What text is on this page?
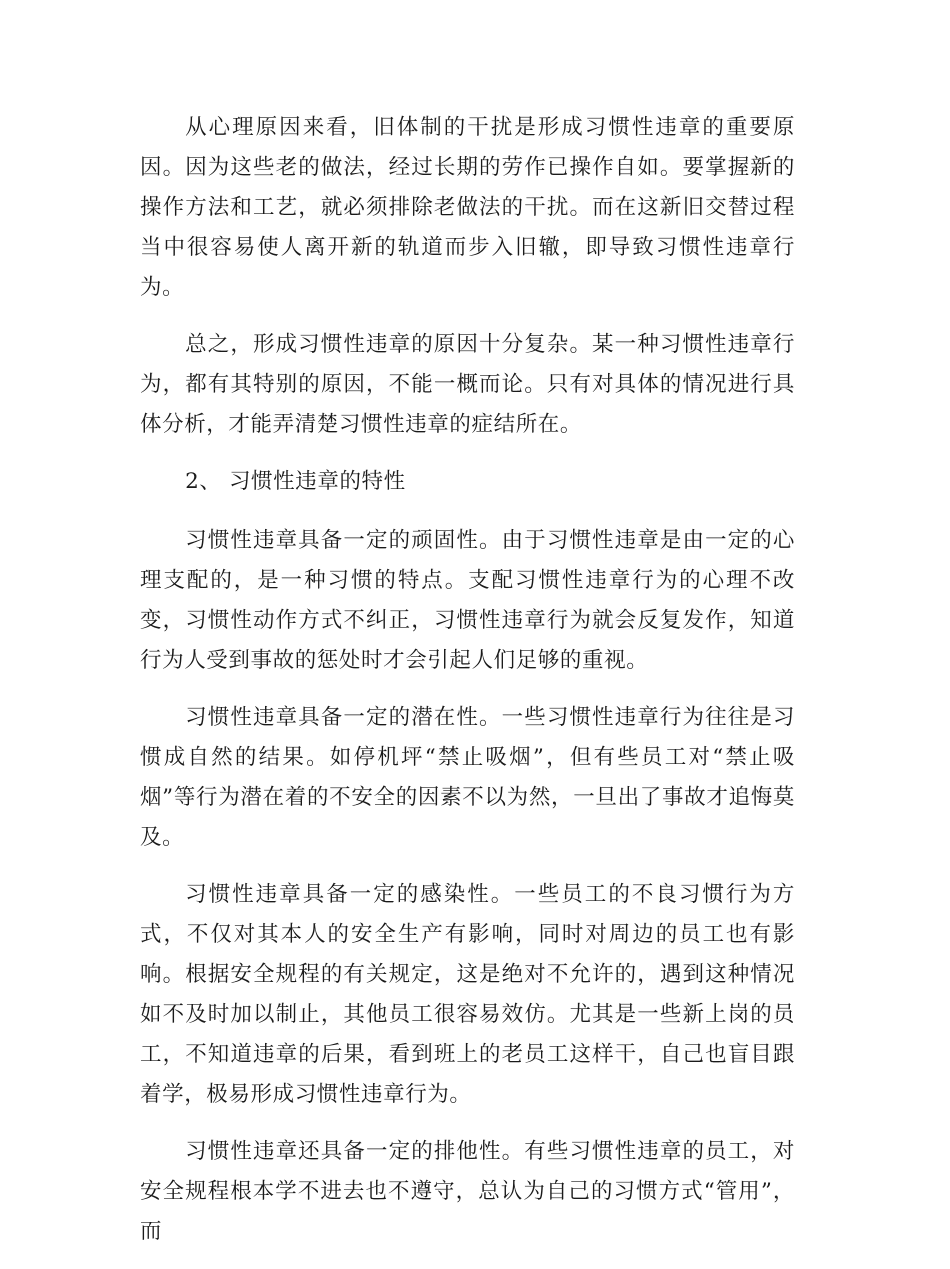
从心理原因来看，旧体制的干扰是形成习惯性违章的重要原因。因为这些老的做法，经过长期的劳作已操作自如。要掌握新的操作方法和工艺，就必须排除老做法的干扰。而在这新旧交替过程当中很容易使人离开新的轨道而步入旧辙，即导致习惯性违章行为。

总之，形成习惯性违章的原因十分复杂。某一种习惯性违章行为，都有其特别的原因，不能一概而论。只有对具体的情况进行具体分析，才能弄清楚习惯性违章的症结所在。

2、 习惯性违章的特性

习惯性违章具备一定的顽固性。由于习惯性违章是由一定的心理支配的，是一种习惯的特点。支配习惯性违章行为的心理不改变，习惯性动作方式不纠正，习惯性违章行为就会反复发作，知道行为人受到事故的惩处时才会引起人们足够的重视。

习惯性违章具备一定的潜在性。一些习惯性违章行为往往是习惯成自然的结果。如停机坪“禁止吸烟”，但有些员工对“禁止吸烟”等行为潜在着的不安全的因素不以为然，一旦出了事故才追悔莫及。

习惯性违章具备一定的感染性。一些员工的不良习惯行为方式，不仅对其本人的安全生产有影响，同时对周边的员工也有影响。根据安全规程的有关规定，这是绝对不允许的，遇到这种情况如不及时加以制止，其他员工很容易效仿。尤其是一些新上岗的员工，不知道违章的后果，看到班上的老员工这样干，自己也盲目跟着学，极易形成习惯性违章行为。

习惯性违章还具备一定的排他性。有些习惯性违章的员工，对安全规程根本学不进去也不遵守，总认为自己的习惯方式“管用”，而
